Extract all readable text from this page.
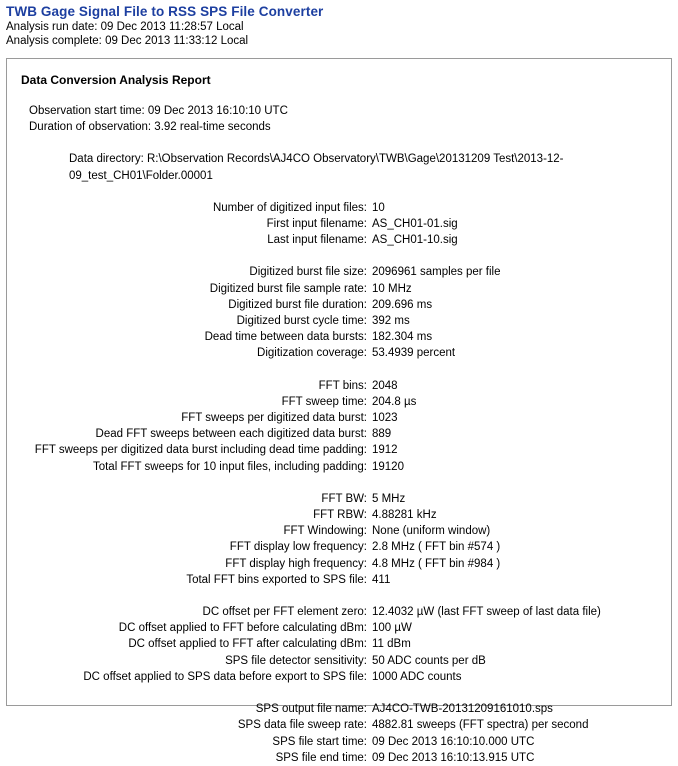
TWB Gage Signal File to RSS SPS File Converter
Analysis run date: 09 Dec 2013 11:28:57 Local
Analysis complete: 09 Dec 2013 11:33:12 Local
Data Conversion Analysis Report
Observation start time: 09 Dec 2013 16:10:10 UTC
Duration of observation: 3.92 real-time seconds
Data directory: R:\Observation Records\AJ4CO Observatory\TWB\Gage\20131209 Test\2013-12-09_test_CH01\Folder.00001
Number of digitized input files: 10
First input filename: AS_CH01-01.sig
Last input filename: AS_CH01-10.sig
Digitized burst file size: 2096961 samples per file
Digitized burst file sample rate: 10 MHz
Digitized burst file duration: 209.696 ms
Digitized burst cycle time: 392 ms
Dead time between data bursts: 182.304 ms
Digitization coverage: 53.4939 percent
FFT bins: 2048
FFT sweep time: 204.8 µs
FFT sweeps per digitized data burst: 1023
Dead FFT sweeps between each digitized data burst: 889
FFT sweeps per digitized data burst including dead time padding: 1912
Total FFT sweeps for 10 input files, including padding: 19120
FFT BW: 5 MHz
FFT RBW: 4.88281 kHz
FFT Windowing: None (uniform window)
FFT display low frequency: 2.8 MHz ( FFT bin #574 )
FFT display high frequency: 4.8 MHz ( FFT bin #984 )
Total FFT bins exported to SPS file: 411
DC offset per FFT element zero: 12.4032 µW (last FFT sweep of last data file)
DC offset applied to FFT before calculating dBm: 100 µW
DC offset applied to FFT after calculating dBm: 11 dBm
SPS file detector sensitivity: 50 ADC counts per dB
DC offset applied to SPS data before export to SPS file: 1000 ADC counts
SPS output file name: AJ4CO-TWB-20131209161010.sps
SPS data file sweep rate: 4882.81 sweeps (FFT spectra) per second
SPS file start time: 09 Dec 2013 16:10:10.000 UTC
SPS file end time: 09 Dec 2013 16:10:13.915 UTC
